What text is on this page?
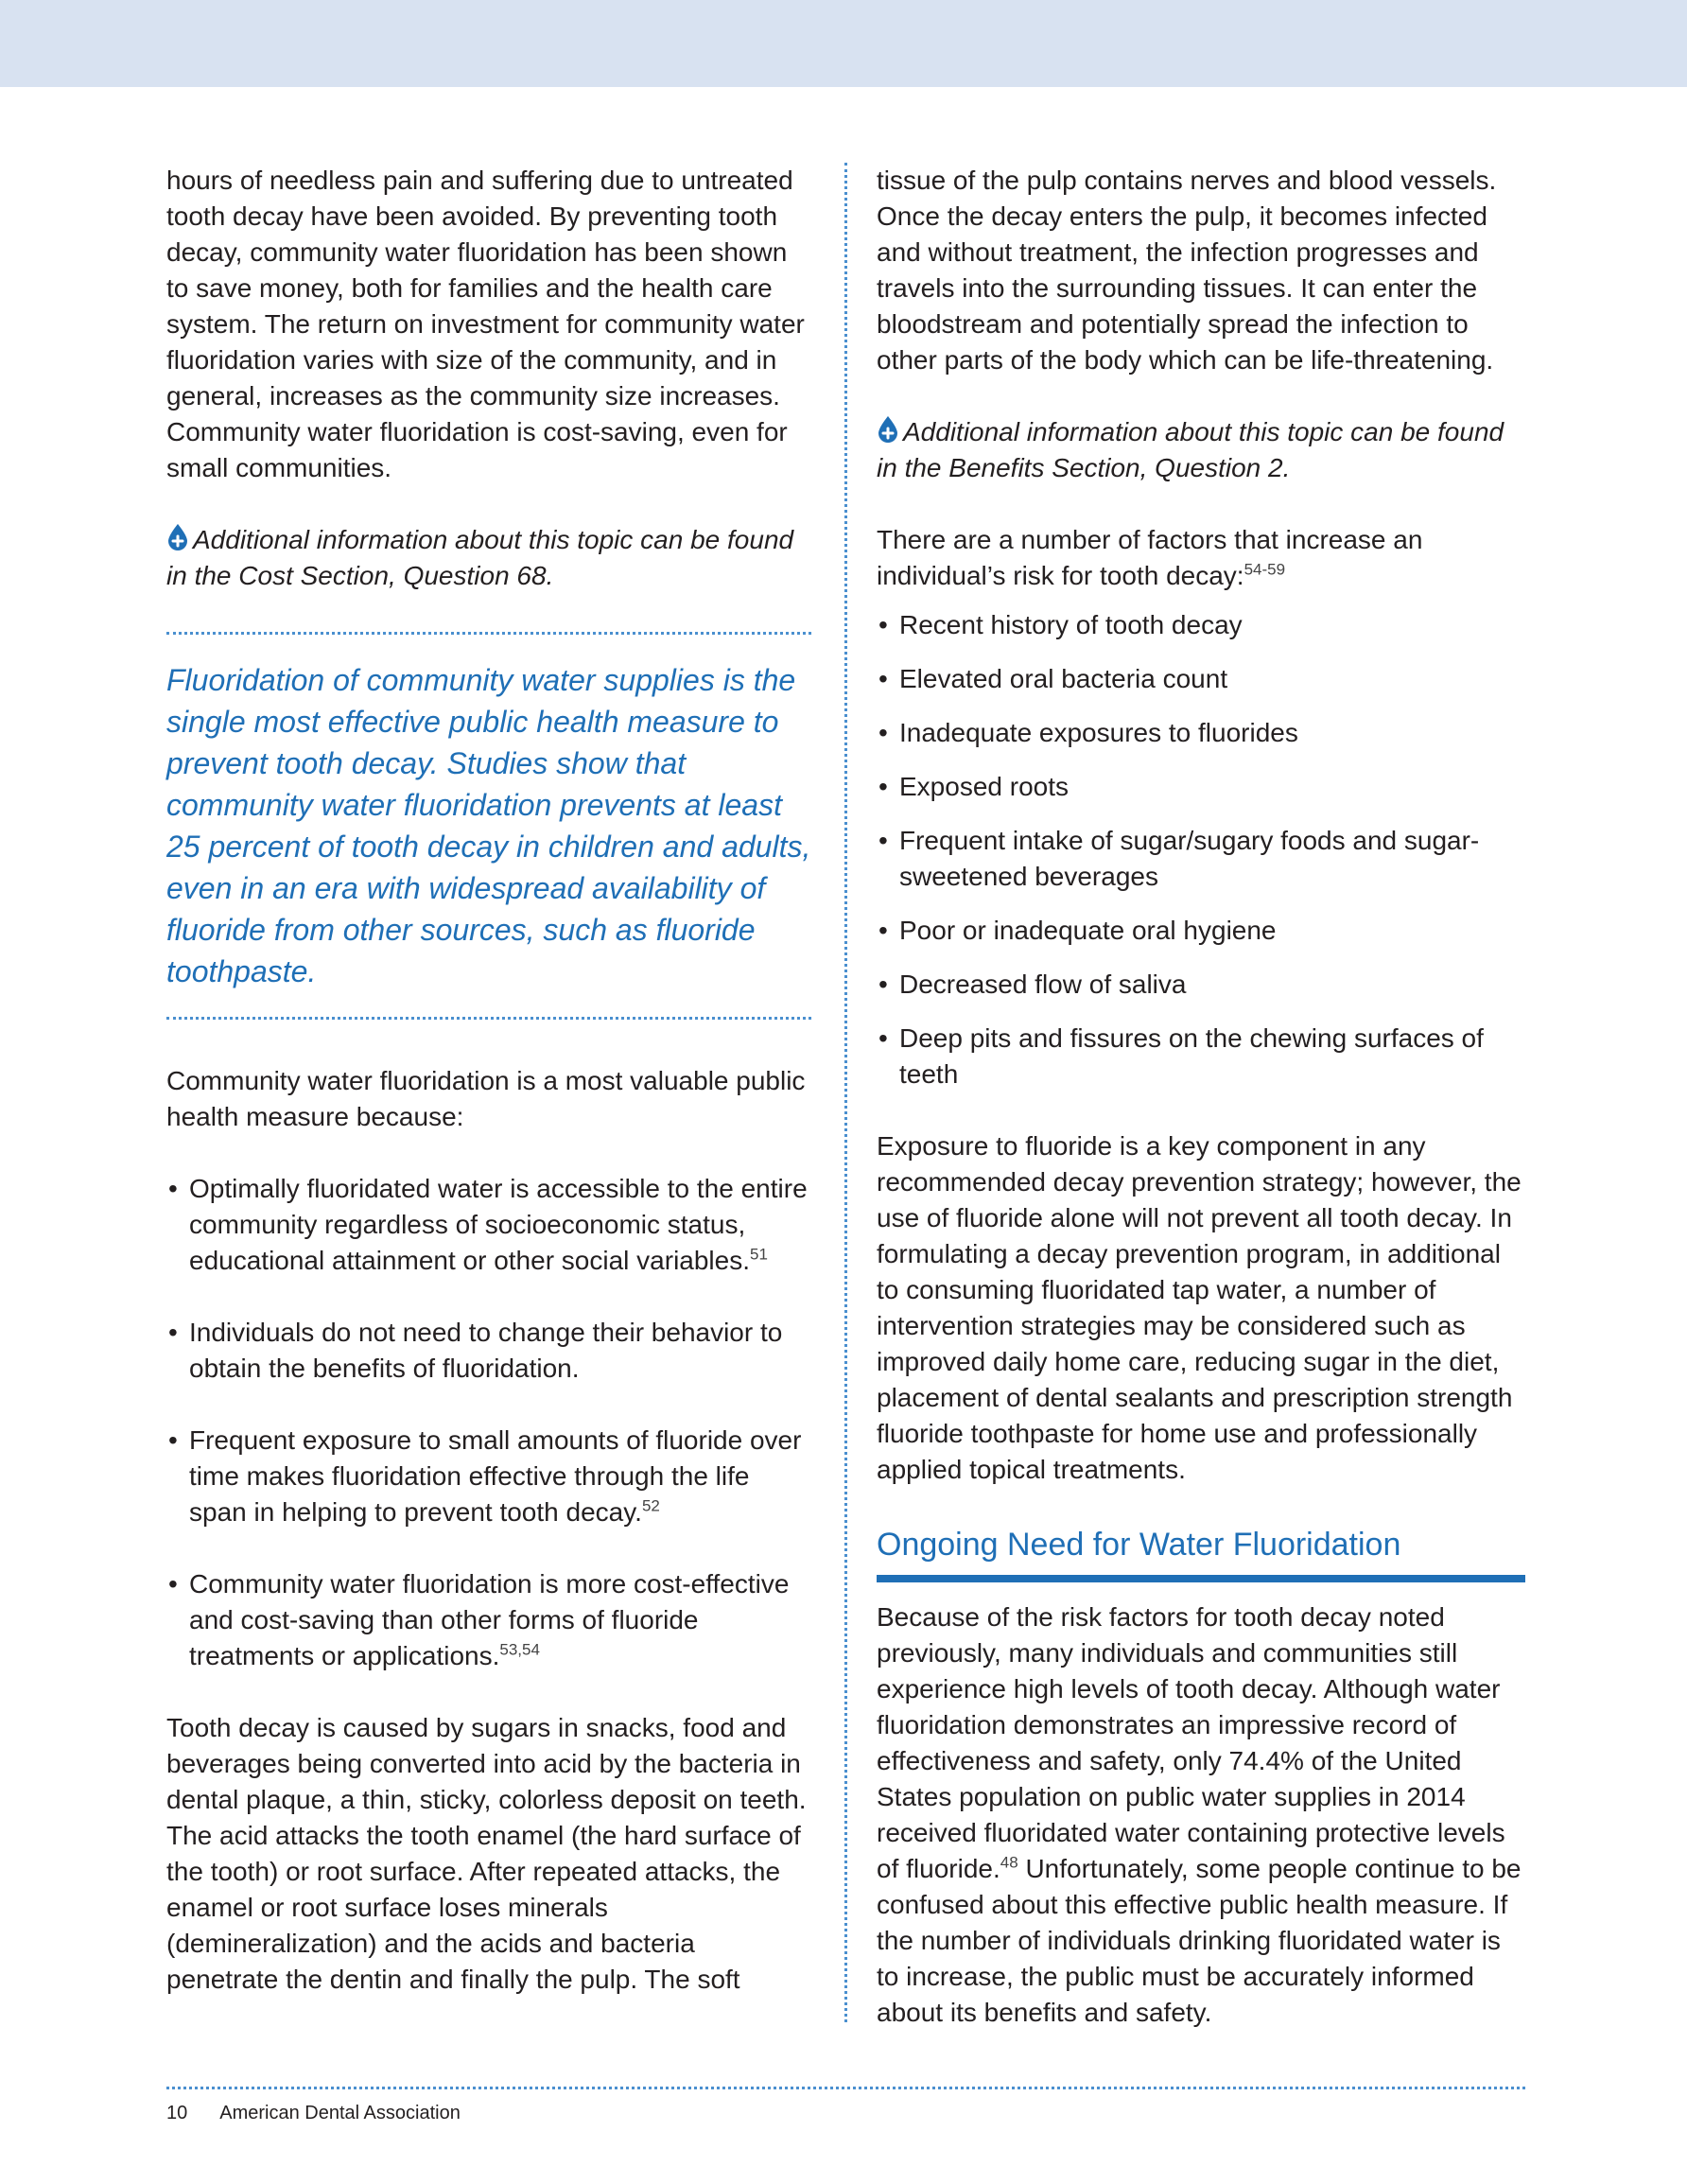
hours of needless pain and suffering due to untreated tooth decay have been avoided. By preventing tooth decay, community water fluoridation has been shown to save money, both for families and the health care system. The return on investment for community water fluoridation varies with size of the community, and in general, increases as the community size increases. Community water fluoridation is cost-saving, even for small communities.

Additional information about this topic can be found in the Cost Section, Question 68.

Fluoridation of community water supplies is the single most effective public health measure to prevent tooth decay. Studies show that community water fluoridation prevents at least 25 percent of tooth decay in children and adults, even in an era with widespread availability of fluoride from other sources, such as fluoride toothpaste.

Community water fluoridation is a most valuable public health measure because:

• Optimally fluoridated water is accessible to the entire community regardless of socioeconomic status, educational attainment or other social variables.$^{51}$
• Individuals do not need to change their behavior to obtain the benefits of fluoridation.
• Frequent exposure to small amounts of fluoride over time makes fluoridation effective through the life span in helping to prevent tooth decay.$^{52}$
• Community water fluoridation is more cost-effective and cost-saving than other forms of fluoride treatments or applications.$^{53,54}$

Tooth decay is caused by sugars in snacks, food and beverages being converted into acid by the bacteria in dental plaque, a thin, sticky, colorless deposit on teeth. The acid attacks the tooth enamel (the hard surface of the tooth) or root surface. After repeated attacks, the enamel or root surface loses minerals (demineralization) and the acids and bacteria penetrate the dentin and finally the pulp. The soft

tissue of the pulp contains nerves and blood vessels. Once the decay enters the pulp, it becomes infected and without treatment, the infection progresses and travels into the surrounding tissues. It can enter the bloodstream and potentially spread the infection to other parts of the body which can be life-threatening.

Additional information about this topic can be found in the Benefits Section, Question 2.

There are a number of factors that increase an individual’s risk for tooth decay:$^{54-59}$

• Recent history of tooth decay
• Elevated oral bacteria count
• Inadequate exposures to fluorides
• Exposed roots
• Frequent intake of sugar/sugary foods and sugar-sweetened beverages
• Poor or inadequate oral hygiene
• Decreased flow of saliva
• Deep pits and fissures on the chewing surfaces of teeth

Exposure to fluoride is a key component in any recommended decay prevention strategy; however, the use of fluoride alone will not prevent all tooth decay. In formulating a decay prevention program, in additional to consuming fluoridated tap water, a number of intervention strategies may be considered such as improved daily home care, reducing sugar in the diet, placement of dental sealants and prescription strength fluoride toothpaste for home use and professionally applied topical treatments.

Ongoing Need for Water Fluoridation

Because of the risk factors for tooth decay noted previously, many individuals and communities still experience high levels of tooth decay. Although water fluoridation demonstrates an impressive record of effectiveness and safety, only 74.4% of the United States population on public water supplies in 2014 received fluoridated water containing protective levels of fluoride.$^{48}$ Unfortunately, some people continue to be confused about this effective public health measure. If the number of individuals drinking fluoridated water is to increase, the public must be accurately informed about its benefits and safety.

10 American Dental Association
